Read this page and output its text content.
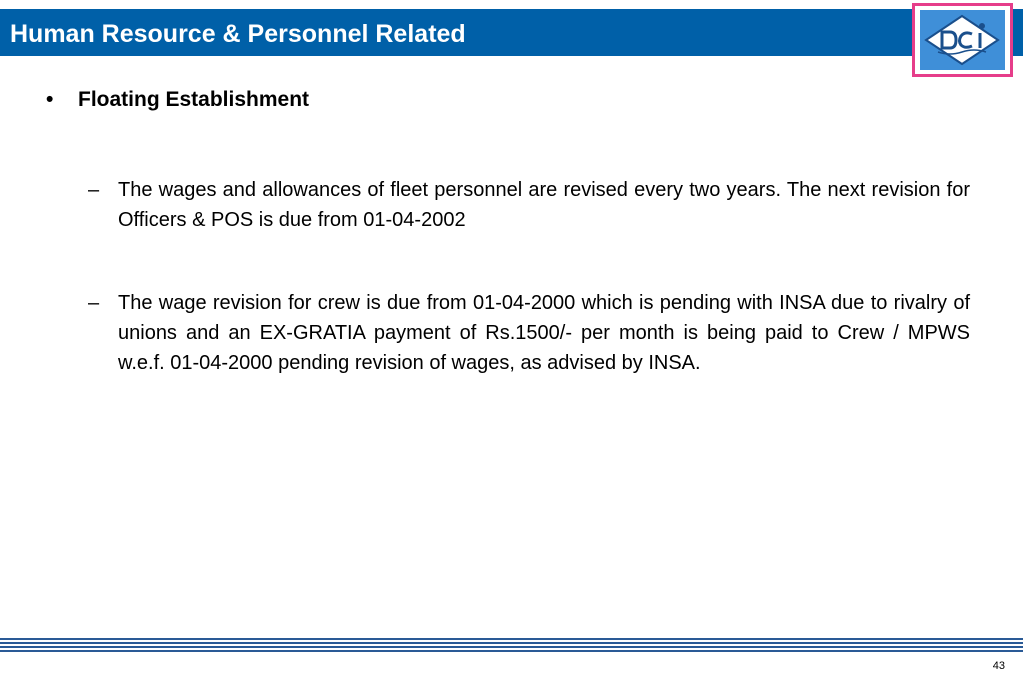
Human Resource & Personnel Related
• Floating Establishment
– The wages and allowances of fleet personnel are revised every two years. The next revision for Officers & POS is due from 01-04-2002
– The wage revision for crew is due from 01-04-2000 which is pending with INSA due to rivalry of unions and an EX-GRATIA payment of Rs.1500/- per month is being paid to Crew / MPWS w.e.f. 01-04-2000 pending revision of wages, as advised by INSA.
43
